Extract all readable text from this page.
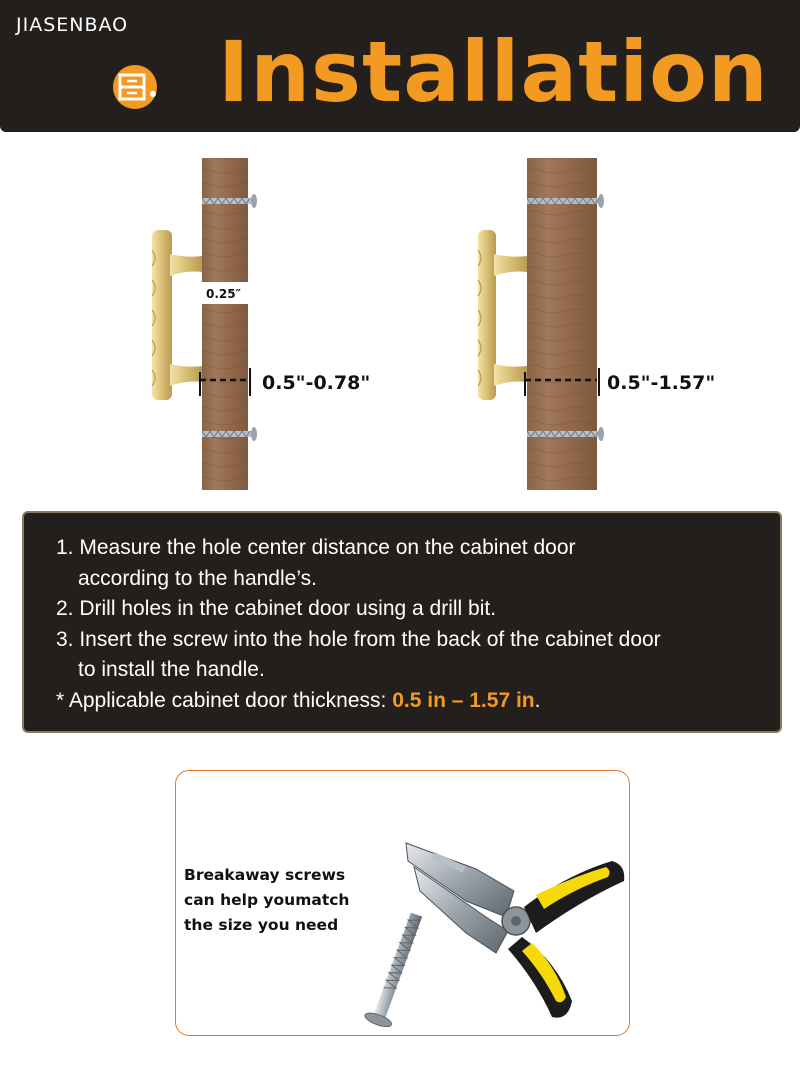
JIASENBAO Installation
0.25″
0.5"-0.78"	0.5"-1.57"
1. Measure the hole center distance on the cabinet door
according to the handle’s.
2. Drill holes in the cabinet door using a drill bit.
3. Insert the screw into the hole from the back of the cabinet door
to install the handle.
* Applicable cabinet door thickness: 0.5 in – 1.57 in.
Breakaway screws
can help youmatch
the size you need
